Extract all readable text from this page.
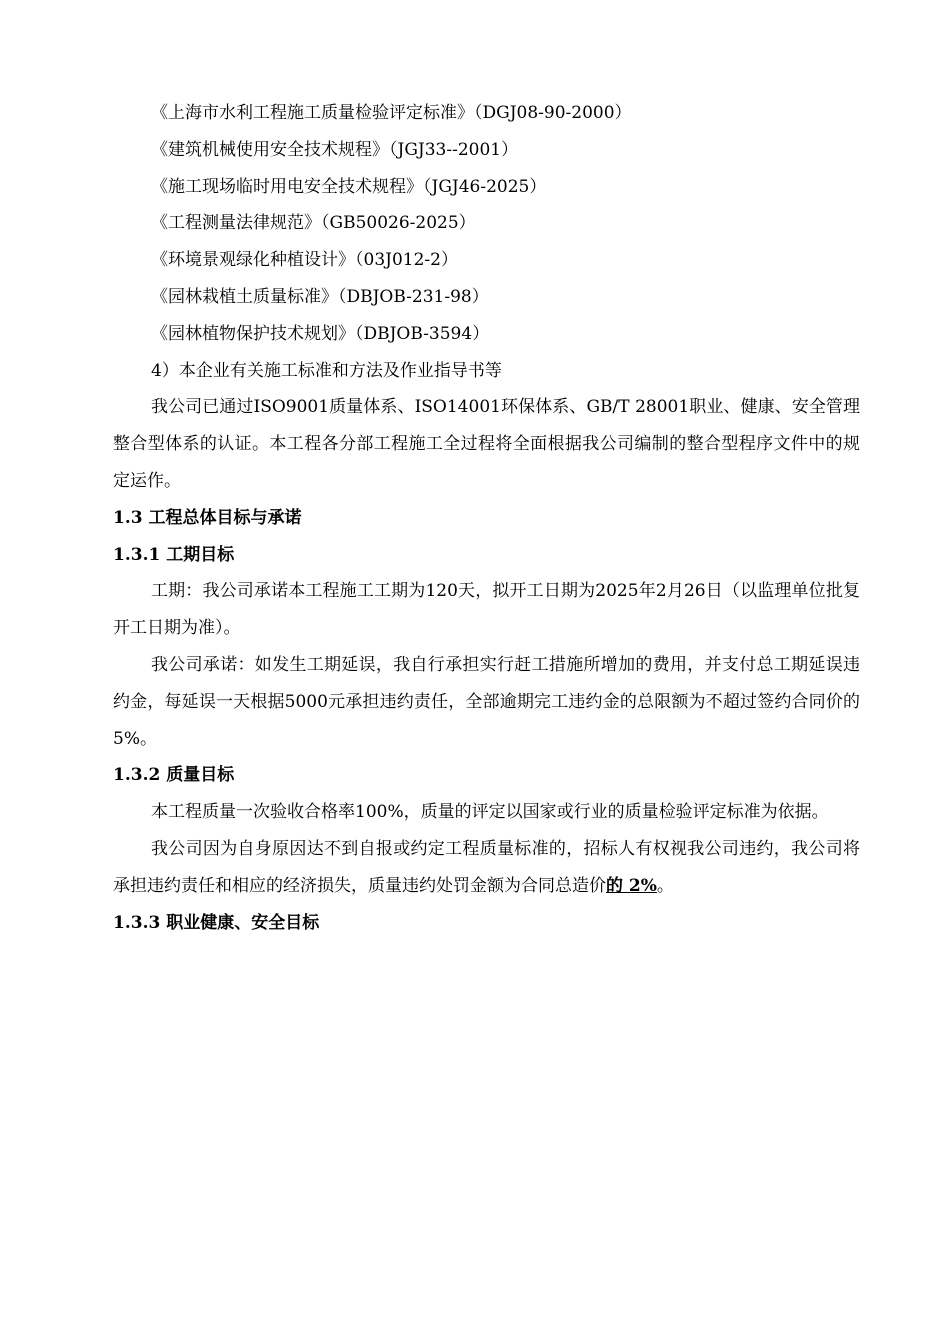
《上海市水利工程施工质量检验评定标准》（DGJ08-90-2000）
《建筑机械使用安全技术规程》（JGJ33--2001）
《施工现场临时用电安全技术规程》（JGJ46-2025）
《工程测量法律规范》（GB50026-2025）
《环境景观绿化种植设计》（03J012-2）
《园林栽植土质量标准》（DBJOB-231-98）
《园林植物保护技术规划》（DBJOB-3594）
4）本企业有关施工标准和方法及作业指导书等
我公司已通过ISO9001质量体系、ISO14001环保体系、GB/T 28001职业、健康、安全管理整合型体系的认证。本工程各分部工程施工全过程将全面根据我公司编制的整合型程序文件中的规定运作。
1.3 工程总体目标与承诺
1.3.1 工期目标
工期：我公司承诺本工程施工工期为120天，拟开工日期为2025年2月26日（以监理单位批复开工日期为准）。
我公司承诺：如发生工期延误，我自行承担实行赶工措施所增加的费用，并支付总工期延误违约金，每延误一天根据5000元承担违约责任，全部逾期完工违约金的总限额为不超过签约合同价的5%。
1.3.2 质量目标
本工程质量一次验收合格率100%，质量的评定以国家或行业的质量检验评定标准为依据。
我公司因为自身原因达不到自报或约定工程质量标准的，招标人有权视我公司违约，我公司将承担违约责任和相应的经济损失，质量违约处罚金额为合同总造价的 2%。
1.3.3 职业健康、安全目标
